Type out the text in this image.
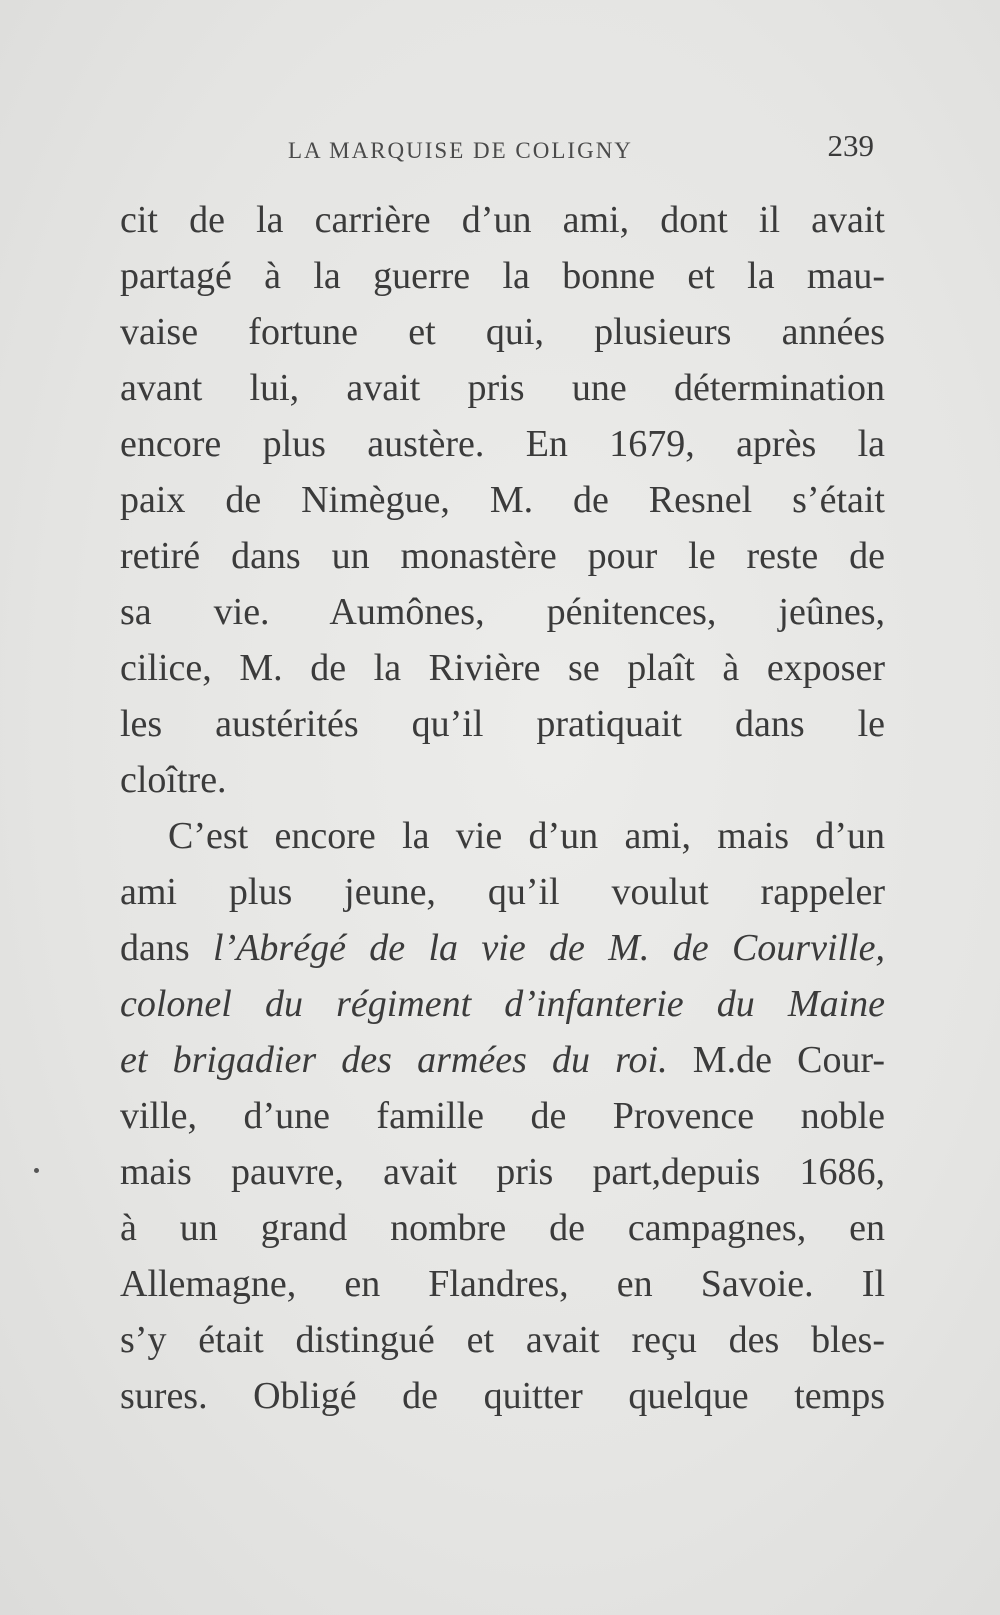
LA MARQUISE DE COLIGNY	239
cit de la carrière d’un ami, dont il avait
partagé à la guerre la bonne et la mau-
vaise fortune et qui, plusieurs années
avant lui, avait pris une détermination
encore plus austère. En 1679, après la
paix de Nimègue, M. de Resnel s’était
retiré dans un monastère pour le reste de
sa vie. Aumônes, pénitences, jeûnes,
cilice, M. de la Rivière se plaît à exposer
les austérités qu’il pratiquait dans le
cloître.
C’est encore la vie d’un ami, mais d’un
ami plus jeune, qu’il voulut rappeler
dans l’Abrégé de la vie de M. de Courville,
colonel du régiment d’infanterie du Maine
et brigadier des armées du roi. M.de Cour-
ville, d’une famille de Provence noble
mais pauvre, avait pris part,depuis 1686,
à un grand nombre de campagnes, en
Allemagne, en Flandres, en Savoie. Il
s’y était distingué et avait reçu des bles-
sures. Obligé de quitter quelque temps
